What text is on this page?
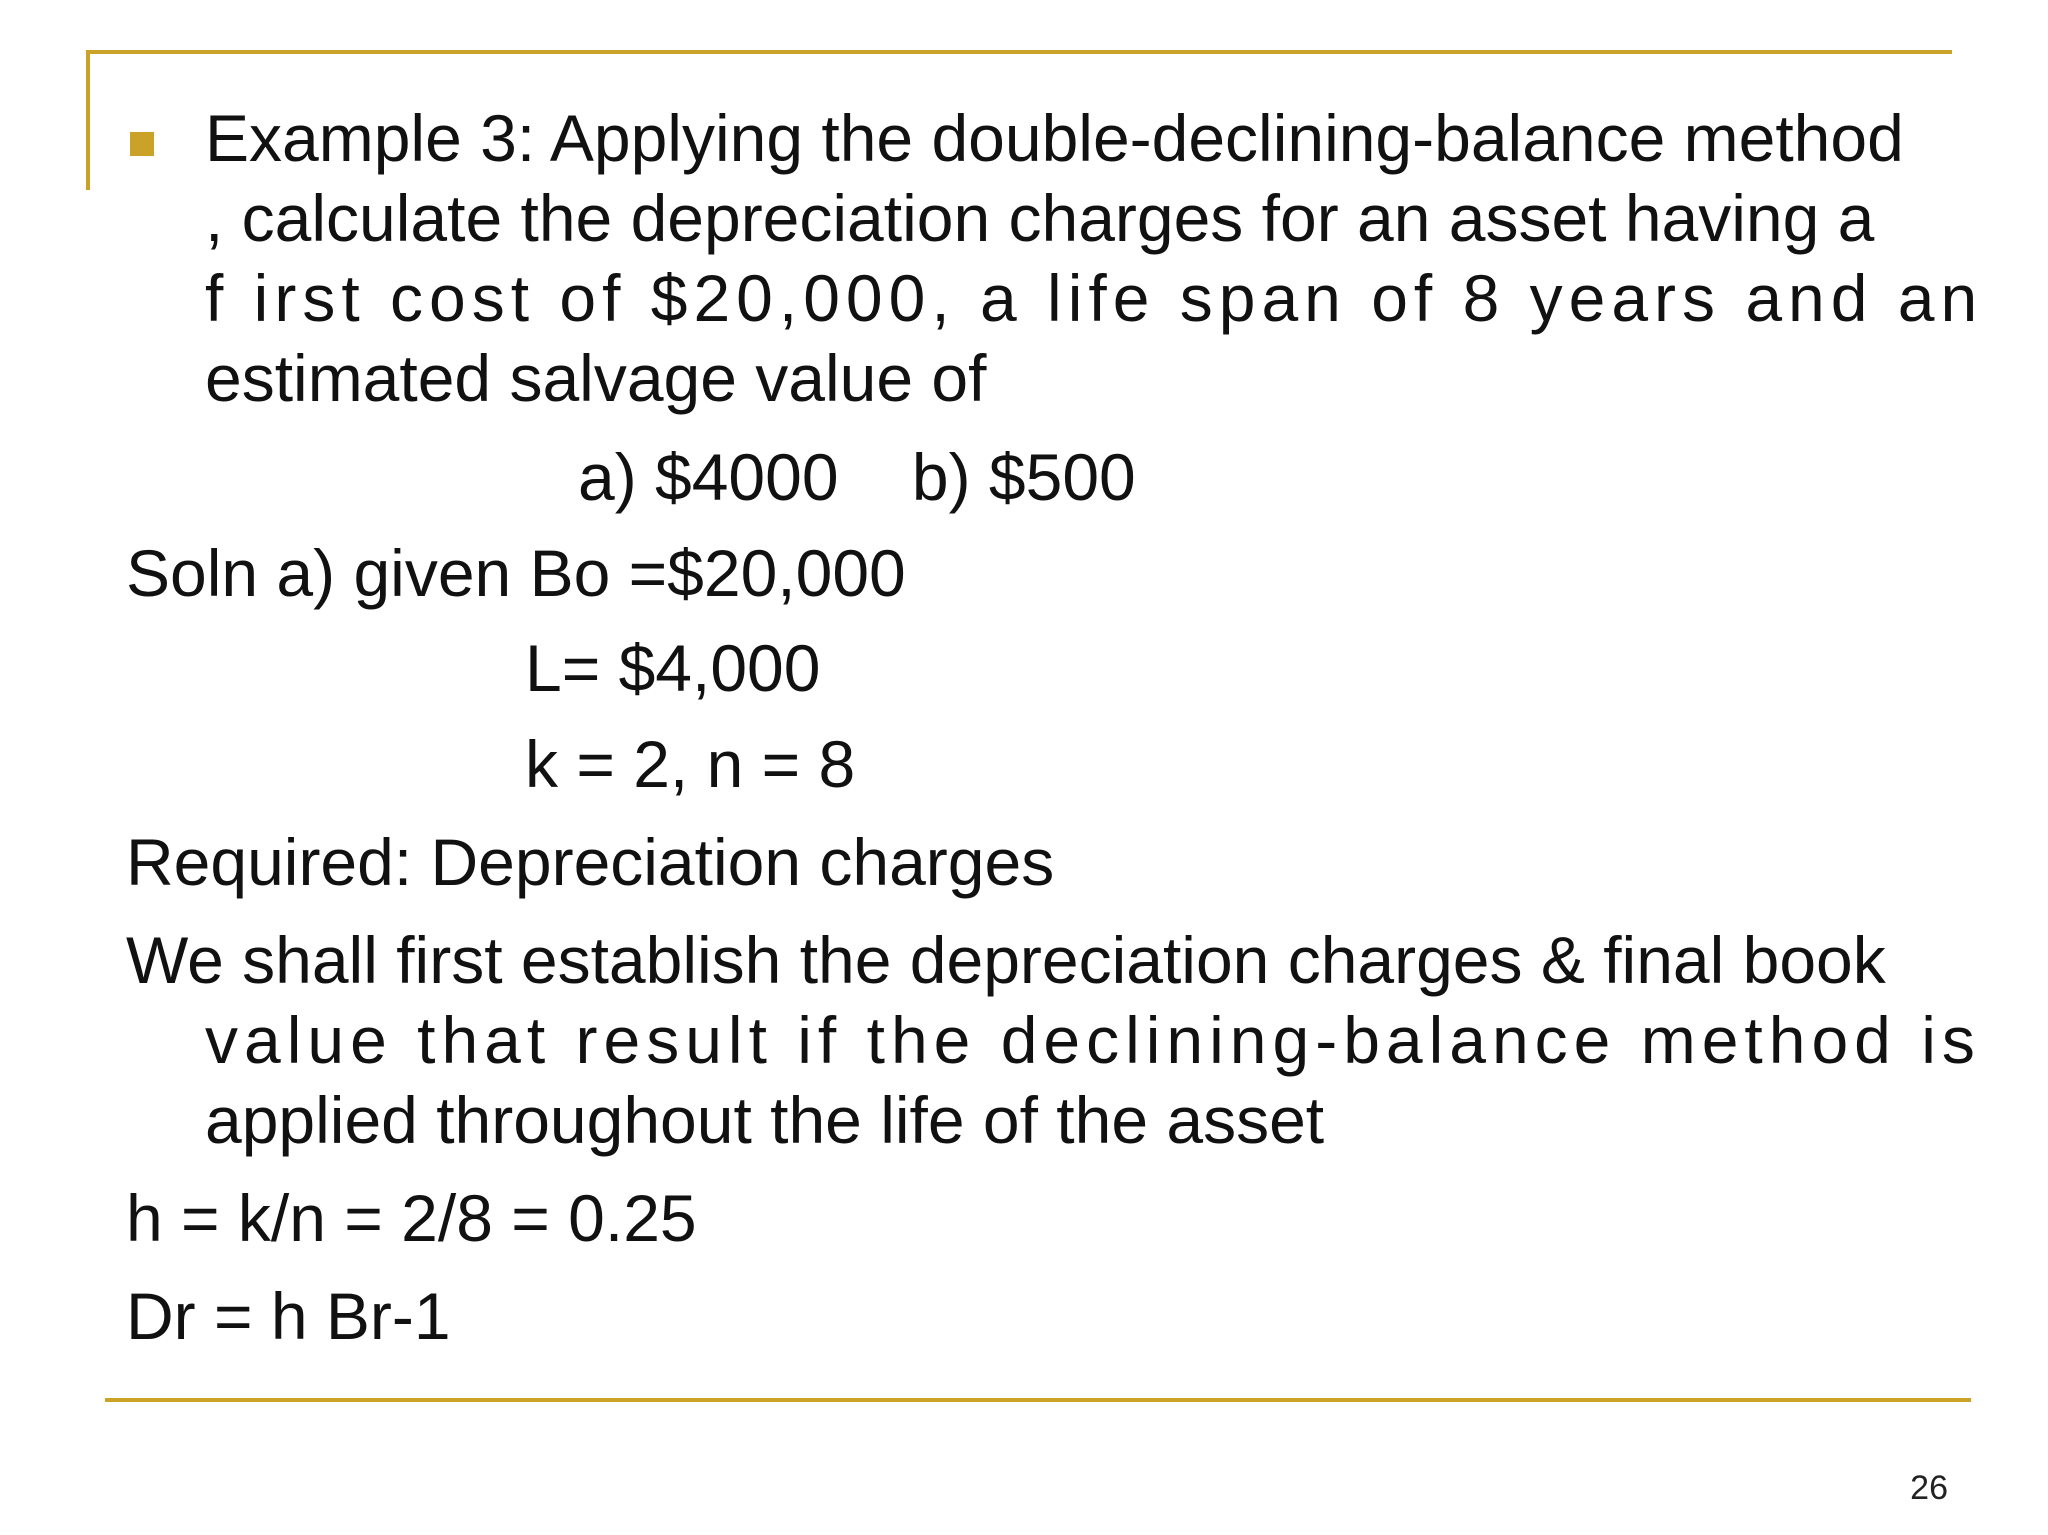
Example 3: Applying the double-declining-balance method
, calculate the depreciation charges for an asset having a
f irst cost of $20,000, a life span of 8 years and an
estimated salvage value of
a) $4000    b) $500
Soln a) given Bo =$20,000
L= $4,000
k = 2, n = 8
Required: Depreciation charges
We shall first establish the depreciation charges & final book
value that result if the declining-balance method is
applied throughout the life of the asset
h = k/n = 2/8 = 0.25
Dr = h Br-1
26
